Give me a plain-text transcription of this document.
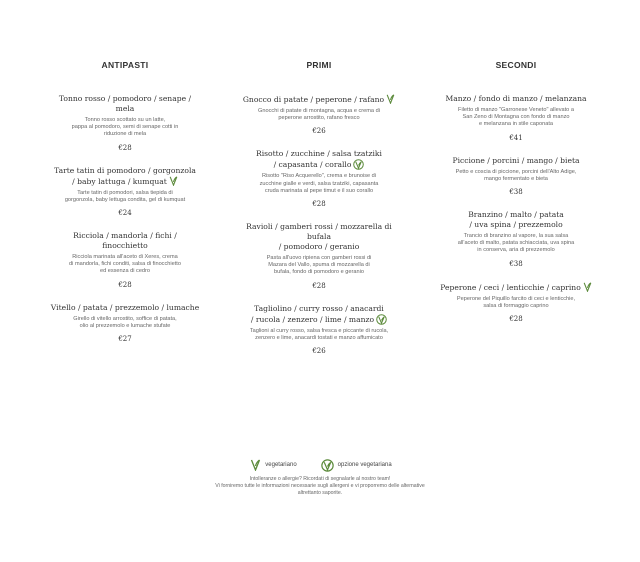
ANTIPASTI
Tonno rosso / pomodoro / senape / mela
Tonno rosso scottato su un latte,
pappa al pomodoro, semi di senape cotti in
riduzione di mela
€28
Tarte tatin di pomodoro / gorgonzola
/ baby lattuga / kumquat
Tarte tatin di pomodori, salsa tiepida di
gorgonzola, baby lettuga condita, gel di kumquat
€24
Ricciola / mandorla / fichi / finocchietto
Ricciola marinata all'aceto di Xeres, crema
di mandorla, fichi conditi, salsa di finocchietto
ed essenza di cedro
€28
Vitello / patata / prezzemolo / lumache
Girello di vitello arrostito, soffice di patata,
olio al prezzemolo e lumache stufate
€27
PRIMI
Gnocco di patate / peperone / rafano
Gnocchi di patate di montagna, acqua e crema di
peperone arrostito, rafano fresco
€26
Risotto / zucchine / salsa tzatziki
/ capasanta / corallo
Risotto "Riso Acquerello", crema e brunoise di
zucchine gialle e verdi, salsa tzatziki, capasanta
cruda marinata al pepe timut e il suo corallo
€28
Ravioli / gamberi rossi / mozzarella di bufala
/ pomodoro / geranio
Pasta all'uovo ripiena con gamberi rossi di
Mazara del Vallo, spuma di mozzarella di
bufala, fondo di pomodoro e geranio
€28
Tagliolino / curry rosso / anacardi
/ rucola / zenzero / lime / manzo
Taglioni al curry rosso, salsa fresca e piccante di rucola,
zenzero e lime, anacardi tostati e manzo affumicato
€26
SECONDI
Manzo / fondo di manzo / melanzana
Filetto di manzo "Garronese Veneto" allevato a
San Zeno di Montagna con fondo di manzo
e melanzana in stile caponata
€41
Piccione / porcini / mango / bieta
Petto e coscia di piccione, porcini dell'Alto Adige,
mango fermentato e bieta
€38
Branzino / malto / patata
/ uva spina / prezzemolo
Trancio di branzino al vapore, la sua salsa
all'aceto di malto, patata schiacciata, uva spina
in conserva, aria di prezzemolo
€38
Peperone / ceci / lenticchie / caprino
Peperone del Piquillo farcito di ceci e lenticchie,
salsa di formaggio caprino
€28
vegetariano	opzione vegetariana
Intolleranze o allergie? Ricordati di segnalarle al nostro team!
Vi forniremo tutte le informazioni necessarie sugli allergeni e vi proporremo delle alternative
altrettanto saporite.
